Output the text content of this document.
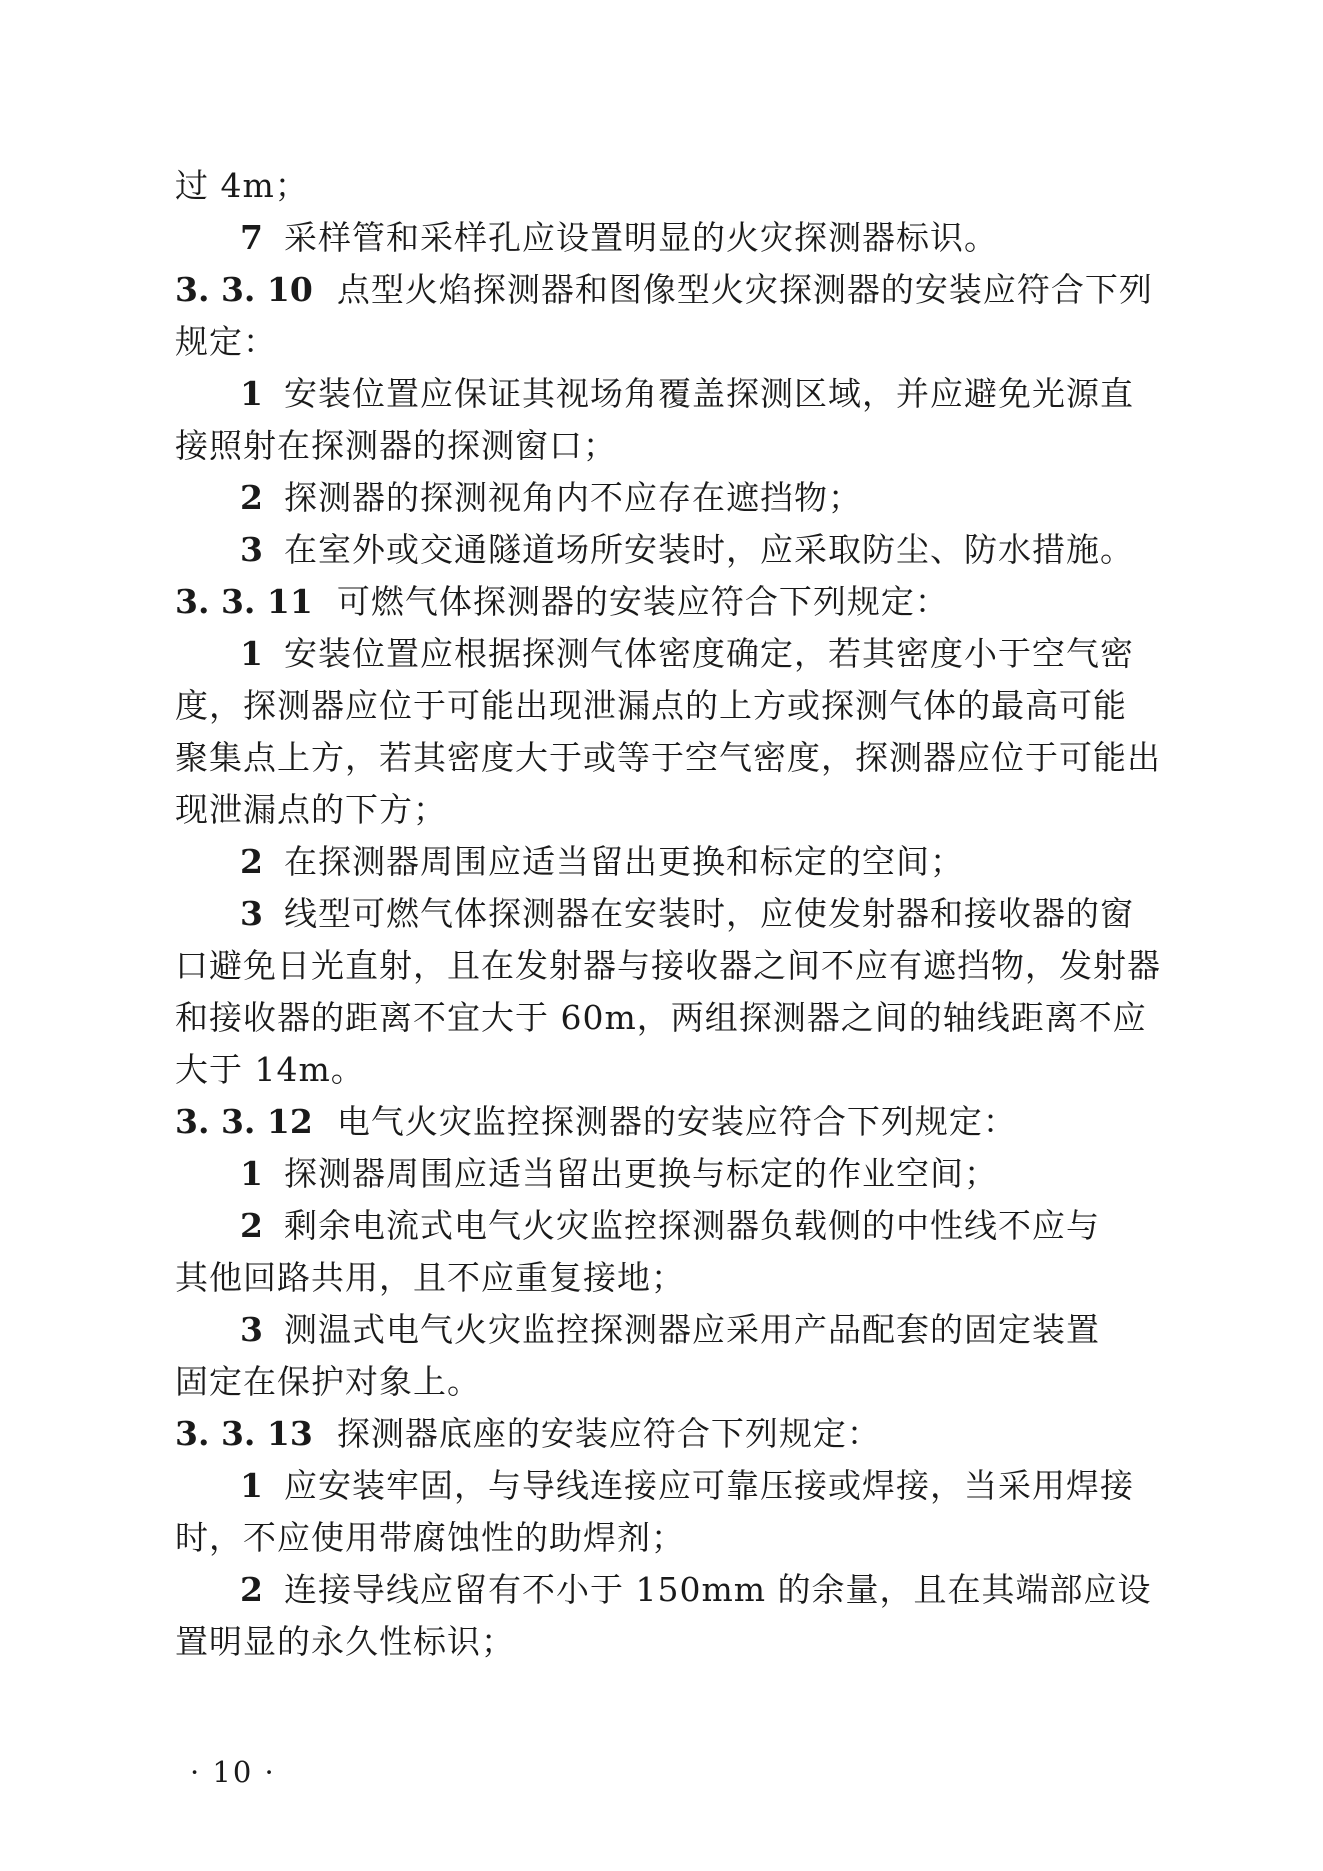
过 4m；
7 采样管和采样孔应设置明显的火灾探测器标识。
3. 3. 10 点型火焰探测器和图像型火灾探测器的安装应符合下列
规定：
1 安装位置应保证其视场角覆盖探测区域，并应避免光源直
接照射在探测器的探测窗口；
2 探测器的探测视角内不应存在遮挡物；
3 在室外或交通隧道场所安装时，应采取防尘、防水措施。
3. 3. 11 可燃气体探测器的安装应符合下列规定：
1 安装位置应根据探测气体密度确定，若其密度小于空气密
度，探测器应位于可能出现泄漏点的上方或探测气体的最高可能
聚集点上方，若其密度大于或等于空气密度，探测器应位于可能出
现泄漏点的下方；
2 在探测器周围应适当留出更换和标定的空间；
3 线型可燃气体探测器在安装时，应使发射器和接收器的窗
口避免日光直射，且在发射器与接收器之间不应有遮挡物，发射器
和接收器的距离不宜大于 60m，两组探测器之间的轴线距离不应
大于 14m。
3. 3. 12 电气火灾监控探测器的安装应符合下列规定：
1 探测器周围应适当留出更换与标定的作业空间；
2 剩余电流式电气火灾监控探测器负载侧的中性线不应与
其他回路共用，且不应重复接地；
3 测温式电气火灾监控探测器应采用产品配套的固定装置
固定在保护对象上。
3. 3. 13 探测器底座的安装应符合下列规定：
1 应安装牢固，与导线连接应可靠压接或焊接，当采用焊接
时，不应使用带腐蚀性的助焊剂；
2 连接导线应留有不小于 150mm 的余量，且在其端部应设
置明显的永久性标识；
· 10 ·
